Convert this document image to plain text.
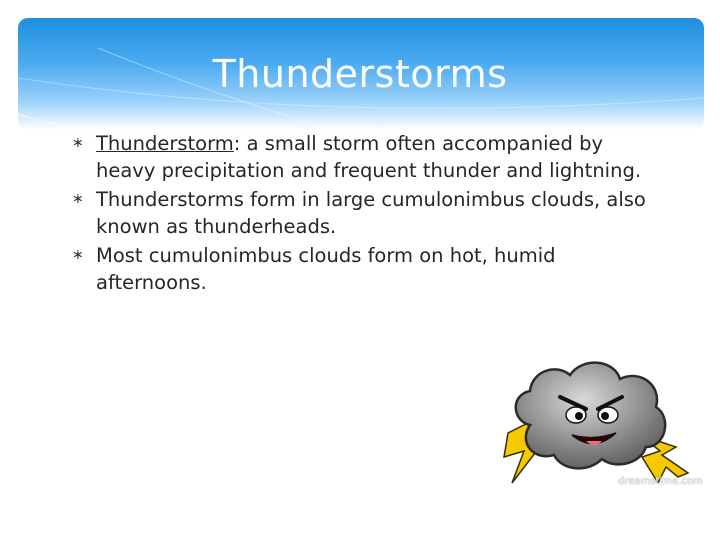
Thunderstorms
∗ Thunderstorm: a small storm often accompanied by heavy precipitation and frequent thunder and lightning.
∗ Thunderstorms form in large cumulonimbus clouds, also known as thunderheads.
∗ Most cumulonimbus clouds form on hot, humid afternoons.
dreamstime.com
